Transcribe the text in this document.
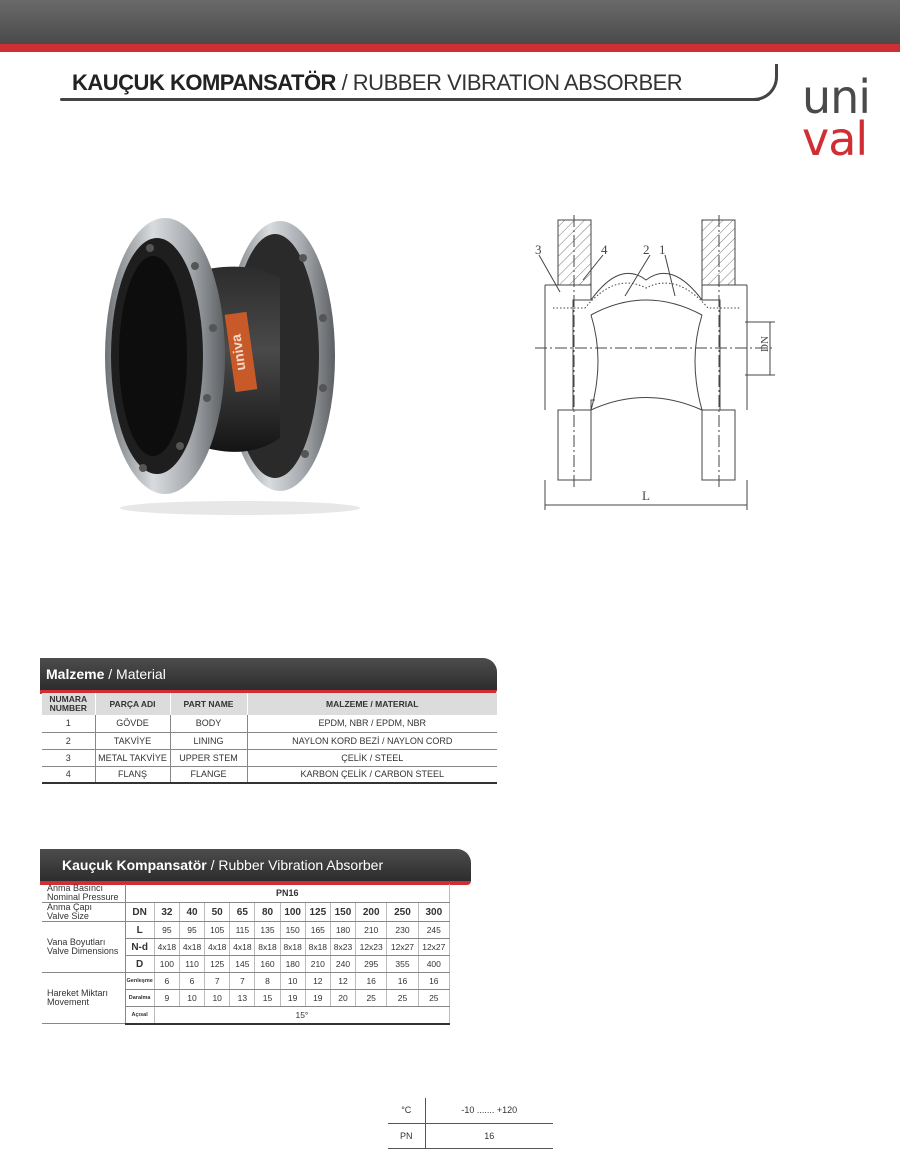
KAUÇUK KOMPANSATÖR / RUBBER VIBRATION ABSORBER	uni
val
univa
3	4	2 1
DN
L
Malzeme / Material
NUMARA
NUMBER	PARÇA ADI	PART NAME	MALZEME / MATERIAL
1	GÖVDE	BODY	EPDM, NBR / EPDM, NBR
2	TAKVİYE	LINING	NAYLON KORD BEZİ / NAYLON CORD
3	METAL TAKVİYE	UPPER STEM	ÇELİK / STEEL
4	FLANŞ	FLANGE	KARBON ÇELİK / CARBON STEEL
Kauçuk Kompansatör / Rubber Vibration Absorber
Anma Basıncı
Nominal Pressure	PN16											
Anma Çapı
Valve Size	DN	32	40	50	65	80	100	125	150	200	250	300
Vana Boyutları
Valve Dimensions	L	95	95	105	115	135	150	165	180	210	230	245
	N-d	4x18	4x18	4x18	4x18	8x18	8x18	8x18	8x23	12x23	12x27	12x27
	D	100	110	125	145	160	180	210	240	295	355	400
Hareket Miktarı
Movement	Genleşme	6	6	7	7	8	10	12	12	16	16	16
	Daralma	9	10	10	13	15	19	19	20	25	25	25
	Açısal	15°										
°C	-10 ....... +120
PN	16
